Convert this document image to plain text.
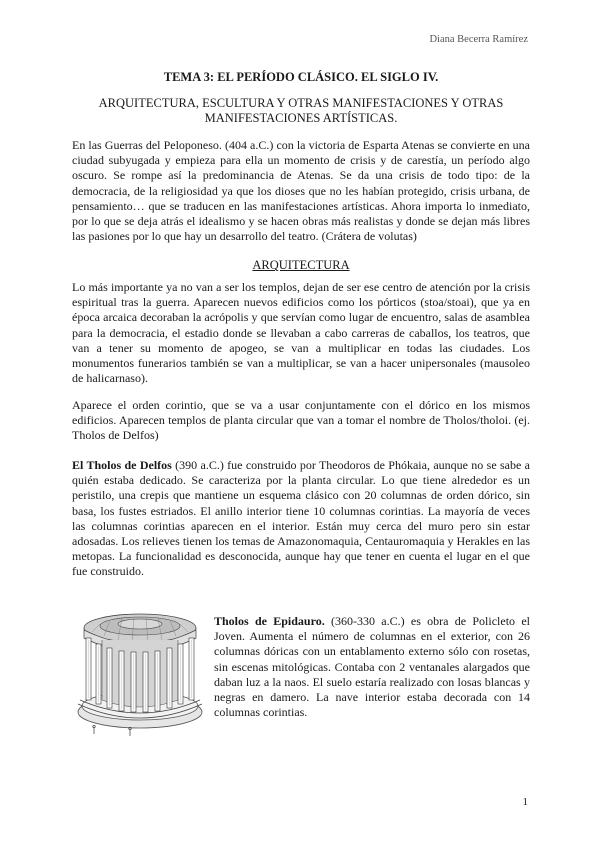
Diana Becerra Ramírez
TEMA 3: EL PERÍODO CLÁSICO. EL SIGLO IV.
ARQUITECTURA, ESCULTURA Y OTRAS MANIFESTACIONES Y OTRAS MANIFESTACIONES ARTÍSTICAS.

En las Guerras del Peloponeso. (404 a.C.) con la victoria de Esparta Atenas se convierte en una ciudad subyugada y empieza para ella un momento de crisis y de carestía, un período algo oscuro. Se rompe así la predominancia de Atenas. Se da una crisis de todo tipo: de la democracia, de la religiosidad ya que los dioses que no les habían protegido, crisis urbana, de pensamiento… que se traducen en las manifestaciones artísticas. Ahora importa lo inmediato, por lo que se deja atrás el idealismo y se hacen obras más realistas y donde se dejan más libres las pasiones por lo que hay un desarrollo del teatro. (Crátera de volutas)

ARQUITECTURA

Lo más importante ya no van a ser los templos, dejan de ser ese centro de atención por la crisis espiritual tras la guerra. Aparecen nuevos edificios como los pórticos (stoa/stoai), que ya en época arcaica decoraban la acrópolis y que servían como lugar de encuentro, salas de asamblea para la democracia, el estadio donde se llevaban a cabo carreras de caballos, los teatros, que van a tener su momento de apogeo, se van a multiplicar en todas las ciudades. Los monumentos funerarios también se van a multiplicar, se van a hacer unipersonales (mausoleo de halicarnaso).

Aparece el orden corintio, que se va a usar conjuntamente con el dórico en los mismos edificios. Aparecen templos de planta circular que van a tomar el nombre de Tholos/tholoi. (ej. Tholos de Delfos)

El Tholos de Delfos (390 a.C.) fue construido por Theodoros de Phókaia, aunque no se sabe a quién estaba dedicado. Se caracteriza por la planta circular. Lo que tiene alrededor es un peristilo, una crepis que mantiene un esquema clásico con 20 columnas de orden dórico, sin basa, los fustes estriados. El anillo interior tiene 10 columnas corintias. La mayoría de veces las columnas corintias aparecen en el interior. Están muy cerca del muro pero sin estar adosadas. Los relieves tienen los temas de Amazonomaquia, Centauromaquia y Herakles en las metopas. La funcionalidad es desconocida, aunque hay que tener en cuenta el lugar en el que fue construido.

Tholos de Epidauro. (360-330 a.C.) es obra de Policleto el Joven. Aumenta el número de columnas en el exterior, con 26 columnas dóricas con un entablamento externo sólo con rosetas, sin escenas mitológicas. Contaba con 2 ventanales alargados que daban luz a la naos. El suelo estaría realizado con losas blancas y negras en damero. La nave interior estaba decorada con 14 columnas corintias.

1
